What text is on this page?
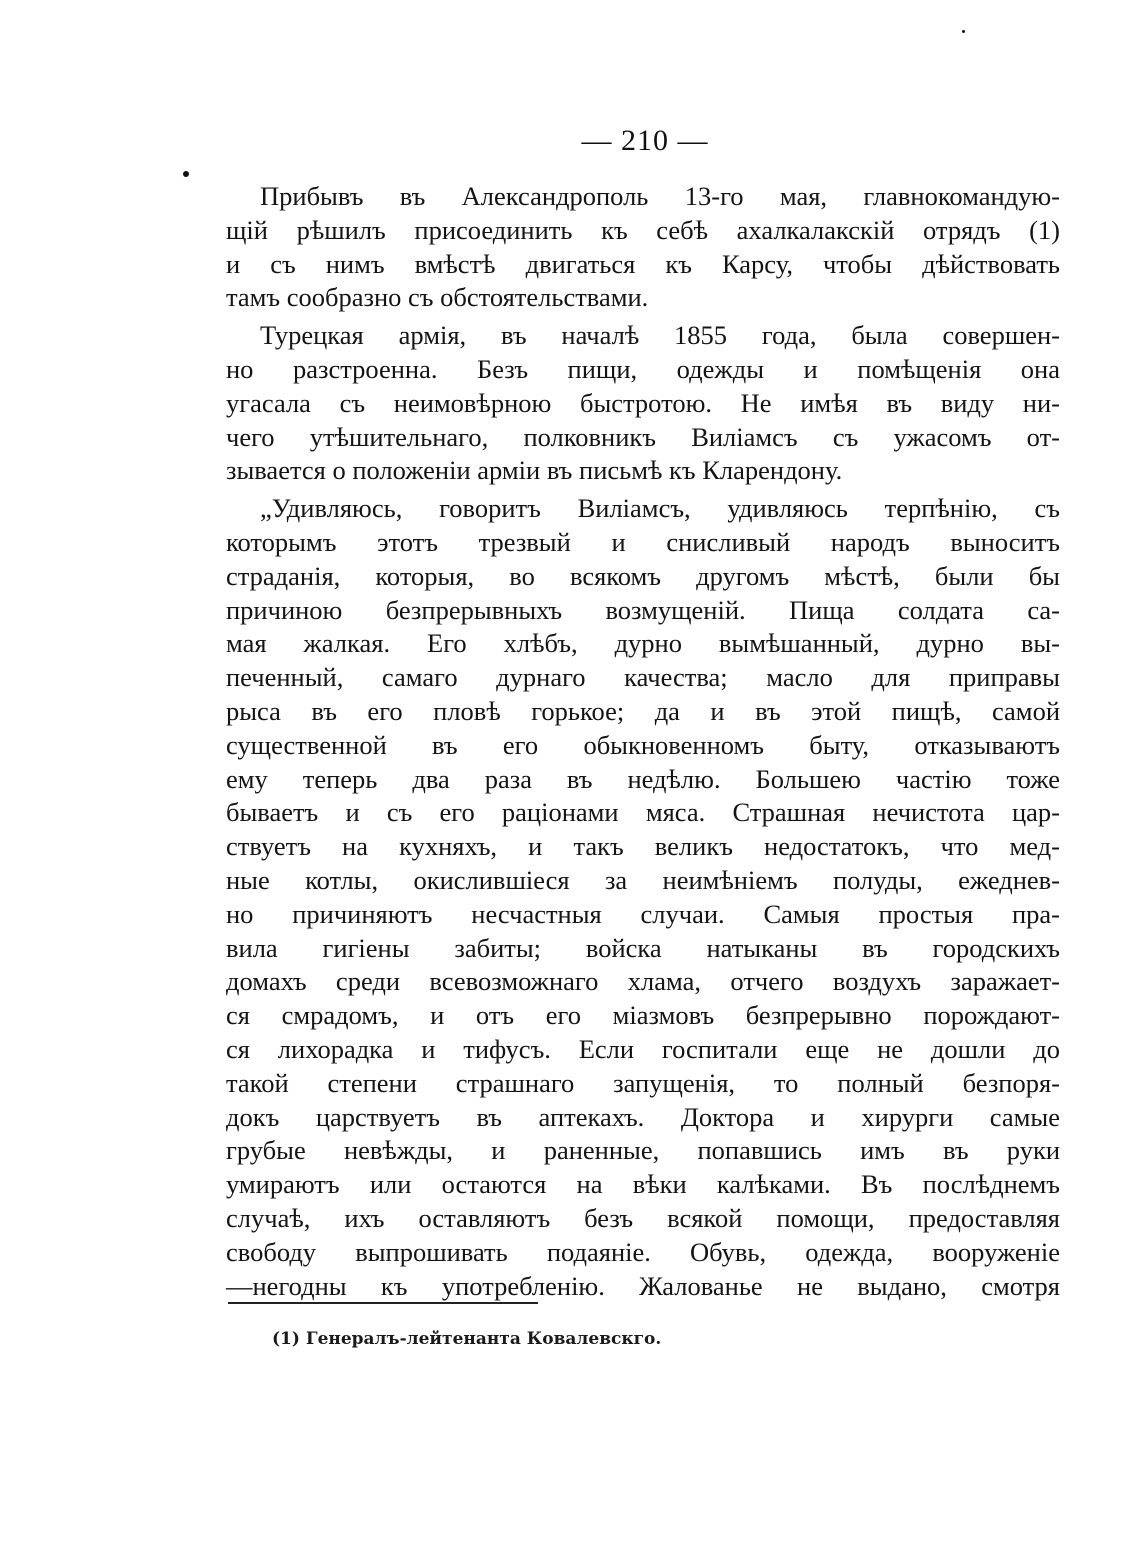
— 210 —
Прибывъ въ Александрополь 13-го мая, главнокомандую-
щій рѣшилъ присоединить къ себѣ ахалкалакскій отрядъ (1)
и съ нимъ вмѣстѣ двигаться къ Карсу, чтобы дѣйствовать
тамъ сообразно съ обстоятельствами.
Турецкая армія, въ началѣ 1855 года, была совершен-
но разстроенна. Безъ пищи, одежды и помѣщенія она
угасала съ неимовѣрною быстротою. Не имѣя въ виду ни-
чего утѣшительнаго, полковникъ Виліамсъ съ ужасомъ от-
зывается о положеніи арміи въ письмѣ къ Кларендону.
„Удивляюсь, говоритъ Виліамсъ, удивляюсь терпѣнію, съ
которымъ этотъ трезвый и снисливый народъ выноситъ
страданія, которыя, во всякомъ другомъ мѣстѣ, были бы
причиною безпрерывныхъ возмущеній. Пища солдата са-
мая жалкая. Его хлѣбъ, дурно вымѣшанный, дурно вы-
печенный, самаго дурнаго качества; масло для приправы
рыса въ его пловѣ горькое; да и въ этой пищѣ, самой
существенной въ его обыкновенномъ быту, отказываютъ
ему теперь два раза въ недѣлю. Большею частію тоже
бываетъ и съ его раціонами мяса. Страшная нечистота цар-
ствуетъ на кухняхъ, и такъ великъ недостатокъ, что мед-
ные котлы, окислившіеся за неимѣніемъ полуды, ежеднев-
но причиняютъ несчастныя случаи. Самыя простыя пра-
вила гигіены забиты; войска натыканы въ городскихъ
домахъ среди всевозможнаго хлама, отчего воздухъ заражает-
ся смрадомъ, и отъ его міазмовъ безпрерывно порождают-
ся лихорадка и тифусъ. Если госпитали еще не дошли до
такой степени страшнаго запущенія, то полный безпоря-
докъ царствуетъ въ аптекахъ. Доктора и хирурги самые
грубые невѣжды, и раненные, попавшись имъ въ руки
умираютъ или остаются на вѣки калѣками. Въ послѣднемъ
случаѣ, ихъ оставляютъ безъ всякой помощи, предоставляя
свободу выпрошивать подаяніе. Обувь, одежда, вооруженіе
—негодны къ употребленію. Жалованье не выдано, смотря
(1) Генералъ-лейтенанта Ковалевскго.
